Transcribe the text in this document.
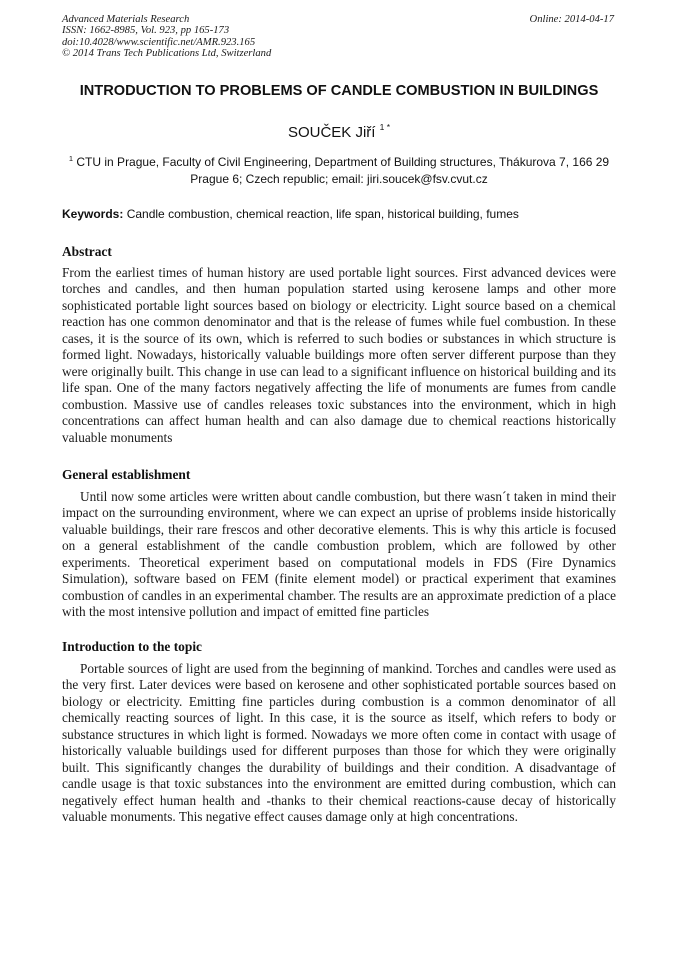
Advanced Materials Research
ISSN: 1662-8985, Vol. 923, pp 165-173
doi:10.4028/www.scientific.net/AMR.923.165
© 2014 Trans Tech Publications Ltd, Switzerland
Online: 2014-04-17
INTRODUCTION TO PROBLEMS OF CANDLE COMBUSTION IN BUILDINGS
SOUČEK Jiří $^{1 *}$
$^1$ CTU in Prague, Faculty of Civil Engineering, Department of Building structures, Thákurova 7, 166 29 Prague 6; Czech republic; email: jiri.soucek@fsv.cvut.cz
Keywords: Candle combustion, chemical reaction, life span, historical building, fumes
Abstract

From the earliest times of human history are used portable light sources. First advanced devices were torches and candles, and then human population started using kerosene lamps and other more sophisticated portable light sources based on biology or electricity. Light source based on a chemical reaction has one common denominator and that is the release of fumes while fuel combustion. In these cases, it is the source of its own, which is referred to such bodies or substances in which structure is formed light. Nowadays, historically valuable buildings more often server different purpose than they were originally built. This change in use can lead to a significant influence on historical building and its life span. One of the many factors negatively affecting the life of monuments are fumes from candle combustion. Massive use of candles releases toxic substances into the environment, which in high concentrations can affect human health and can also damage due to chemical reactions historically valuable monuments

General establishment

Until now some articles were written about candle combustion, but there wasn´t taken in mind their impact on the surrounding environment, where we can expect an uprise of problems inside historically valuable buildings, their rare frescos and other decorative elements. This is why this article is focused on a general establishment of the candle combustion problem, which are followed by other experiments. Theoretical experiment based on computational models in FDS (Fire Dynamics Simulation), software based on FEM (finite element model) or practical experiment that examines combustion of candles in an experimental chamber. The results are an approximate prediction of a place with the most intensive pollution and impact of emitted fine particles

Introduction to the topic

Portable sources of light are used from the beginning of mankind. Torches and candles were used as the very first. Later devices were based on kerosene and other sophisticated portable sources based on biology or electricity. Emitting fine particles during combustion is a common denominator of all chemically reacting sources of light. In this case, it is the source as itself, which refers to body or substance structures in which light is formed. Nowadays we more often come in contact with usage of historically valuable buildings used for different purposes than those for which they were originally built. This significantly changes the durability of buildings and their condition. A disadvantage of candle usage is that toxic substances into the environment are emitted during combustion, which can negatively effect human health and -thanks to their chemical reactions-cause decay of historically valuable monuments. This negative effect causes damage only at high concentrations.
